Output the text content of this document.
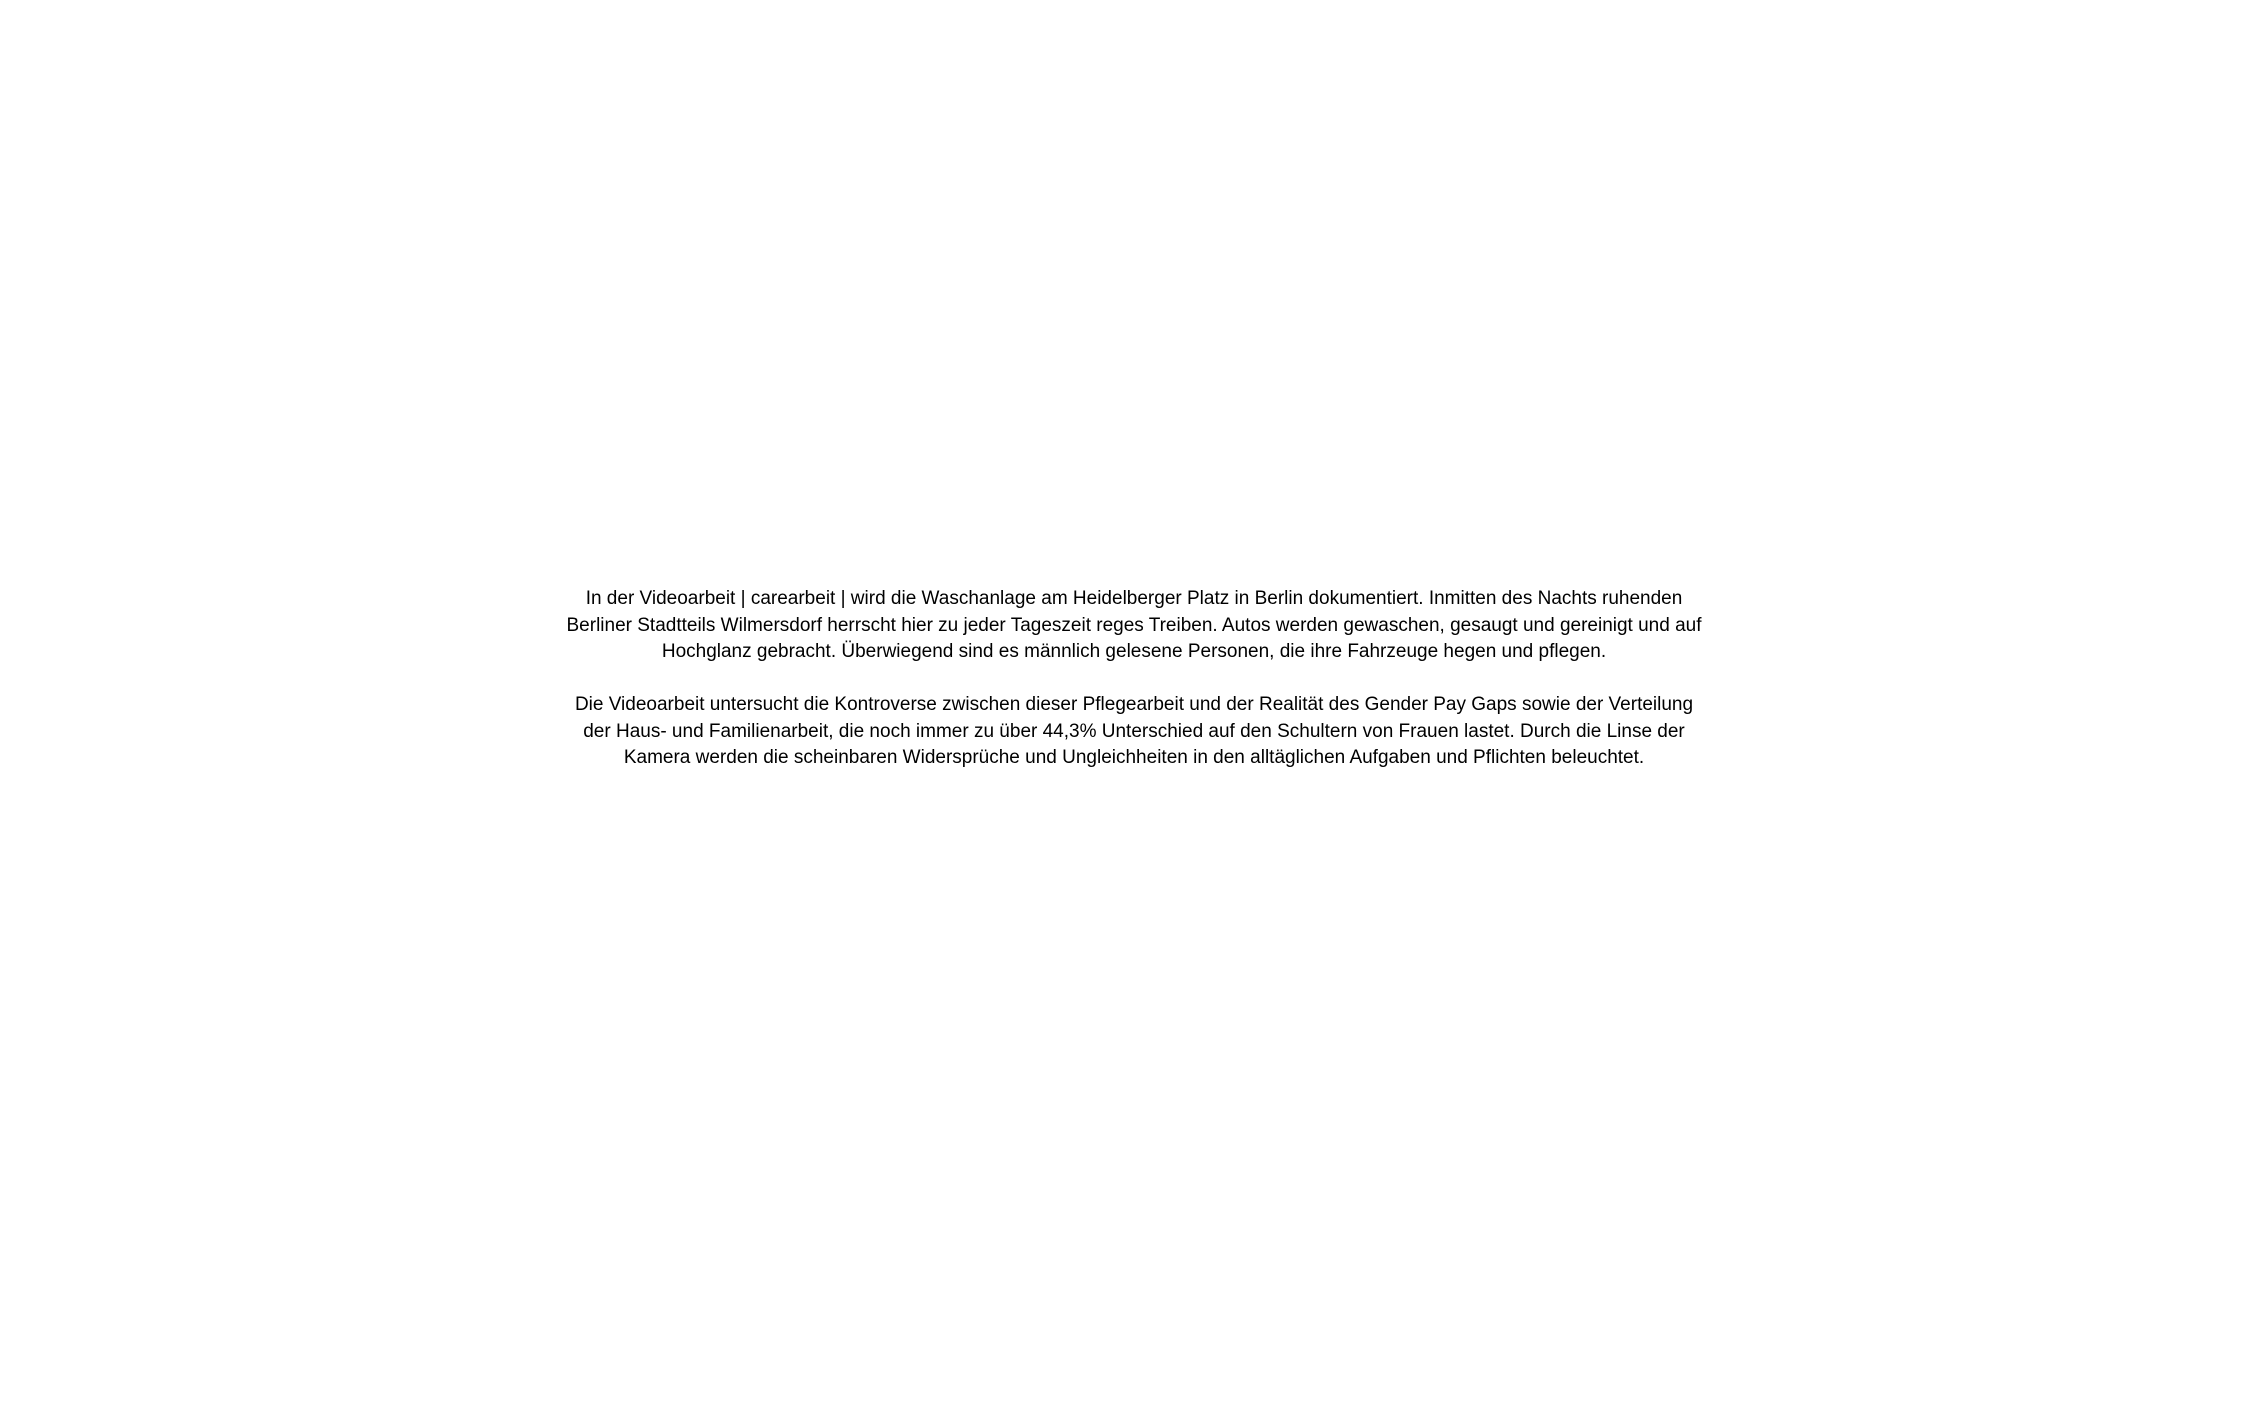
In der Videoarbeit | carearbeit | wird die Waschanlage am Heidelberger Platz in Berlin dokumentiert. Inmitten des Nachts ruhenden Berliner Stadtteils Wilmersdorf herrscht hier zu jeder Tageszeit reges Treiben. Autos werden gewaschen, gesaugt und gereinigt und auf Hochglanz gebracht. Überwiegend sind es männlich gelesene Personen, die ihre Fahrzeuge hegen und pflegen.

Die Videoarbeit untersucht die Kontroverse zwischen dieser Pflegearbeit und der Realität des Gender Pay Gaps sowie der Verteilung der Haus- und Familienarbeit, die noch immer zu über 44,3% Unterschied auf den Schultern von Frauen lastet. Durch die Linse der Kamera werden die scheinbaren Widersprüche und Ungleichheiten in den alltäglichen Aufgaben und Pflichten beleuchtet.
